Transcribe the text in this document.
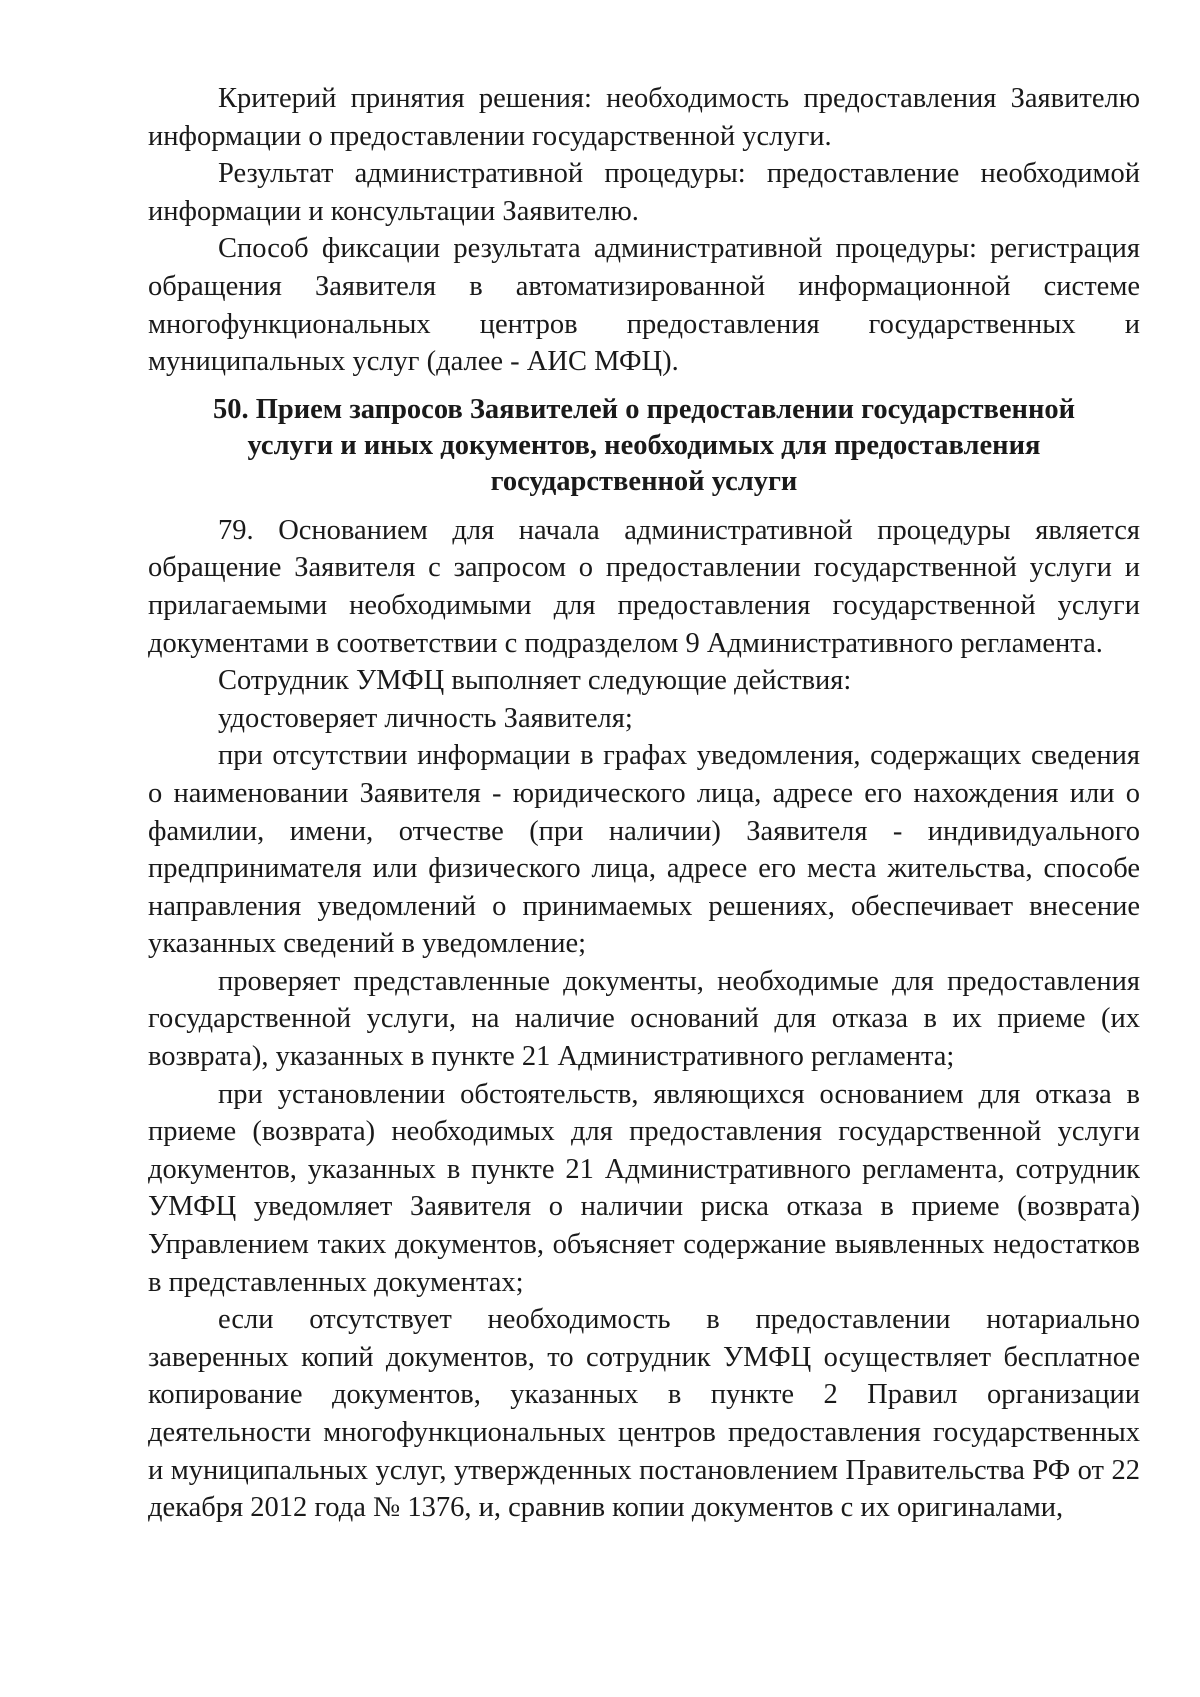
Критерий принятия решения: необходимость предоставления Заявителю информации о предоставлении государственной услуги.

Результат административной процедуры: предоставление необходимой информации и консультации Заявителю.

Способ фиксации результата административной процедуры: регистрация обращения Заявителя в автоматизированной информационной системе многофункциональных центров предоставления государственных и муниципальных услуг (далее - АИС МФЦ).

50. Прием запросов Заявителей о предоставлении государственной услуги и иных документов, необходимых для предоставления государственной услуги

79. Основанием для начала административной процедуры является обращение Заявителя с запросом о предоставлении государственной услуги и прилагаемыми необходимыми для предоставления государственной услуги документами в соответствии с подразделом 9 Административного регламента.

Сотрудник УМФЦ выполняет следующие действия:

удостоверяет личность Заявителя;

при отсутствии информации в графах уведомления, содержащих сведения о наименовании Заявителя - юридического лица, адресе его нахождения или о фамилии, имени, отчестве (при наличии) Заявителя - индивидуального предпринимателя или физического лица, адресе его места жительства, способе направления уведомлений о принимаемых решениях, обеспечивает внесение указанных сведений в уведомление;

проверяет представленные документы, необходимые для предоставления государственной услуги, на наличие оснований для отказа в их приеме (их возврата), указанных в пункте 21 Административного регламента;

при установлении обстоятельств, являющихся основанием для отказа в приеме (возврата) необходимых для предоставления государственной услуги документов, указанных в пункте 21 Административного регламента, сотрудник УМФЦ уведомляет Заявителя о наличии риска отказа в приеме (возврата) Управлением таких документов, объясняет содержание выявленных недостатков в представленных документах;

если отсутствует необходимость в предоставлении нотариально заверенных копий документов, то сотрудник УМФЦ осуществляет бесплатное копирование документов, указанных в пункте 2 Правил организации деятельности многофункциональных центров предоставления государственных и муниципальных услуг, утвержденных постановлением Правительства РФ от 22 декабря 2012 года № 1376, и, сравнив копии документов с их оригиналами,
